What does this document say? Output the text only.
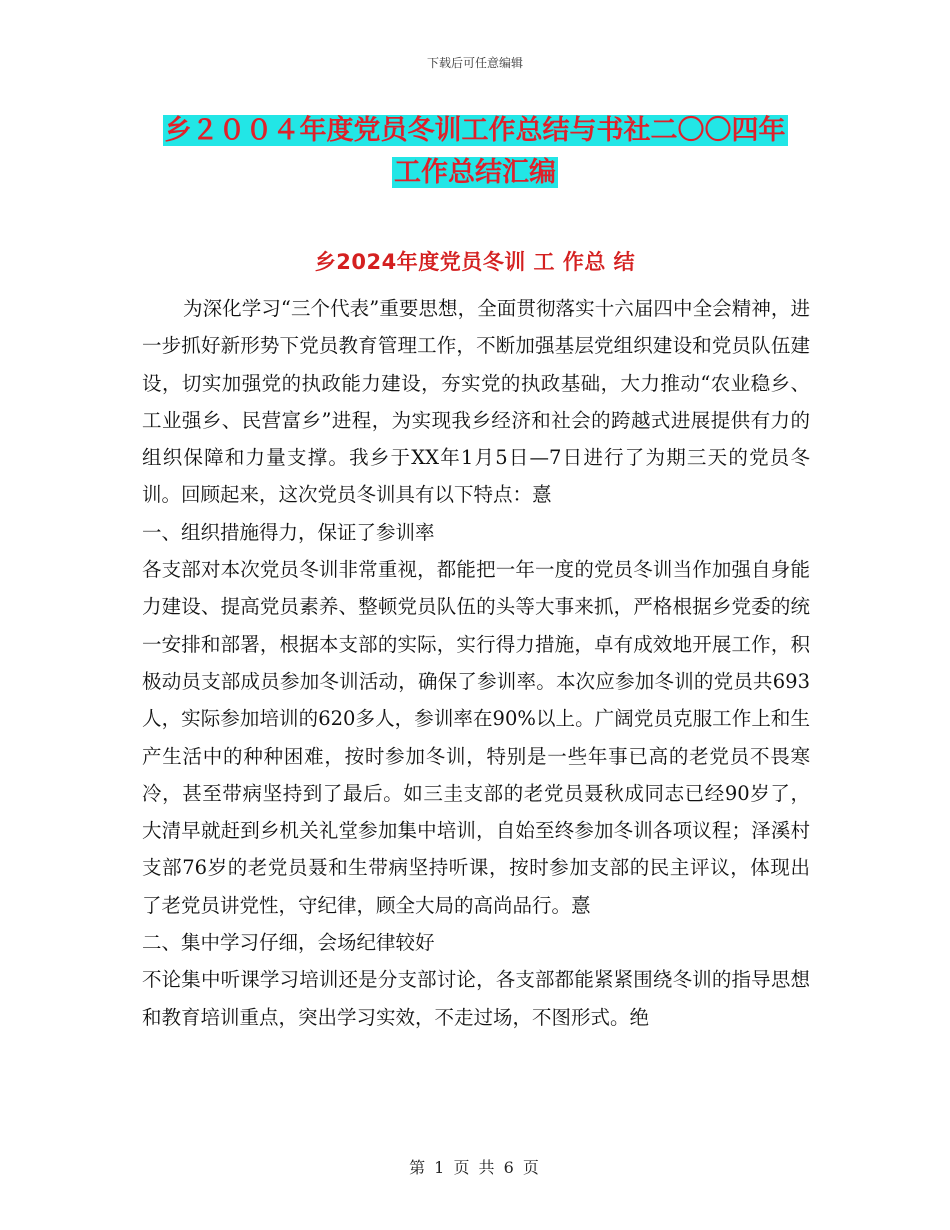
下载后可任意编辑
乡２００４年度党员冬训工作总结与书社二〇〇四年
工作总结汇编
乡2024年度党员冬训 工 作总 结

为深化学习“三个代表”重要思想，全面贯彻落实十六届四中全会精神，进一步抓好新形势下党员教育管理工作，不断加强基层党组织建设和党员队伍建设，切实加强党的执政能力建设，夯实党的执政基础，大力推动“农业稳乡、工业强乡、民营富乡”进程，为实现我乡经济和社会的跨越式进展提供有力的组织保障和力量支撑。我乡于XX年1月5日—7日进行了为期三天的党员冬训。回顾起来，这次党员冬训具有以下特点：憙

一、组织措施得力，保证了参训率

各支部对本次党员冬训非常重视，都能把一年一度的党员冬训当作加强自身能力建设、提高党员素养、整顿党员队伍的头等大事来抓，严格根据乡党委的统一安排和部署，根据本支部的实际，实行得力措施，卓有成效地开展工作，积极动员支部成员参加冬训活动，确保了参训率。本次应参加冬训的党员共693人，实际参加培训的620多人，参训率在90%以上。广阔党员克服工作上和生产生活中的种种困难，按时参加冬训，特别是一些年事已高的老党员不畏寒冷，甚至带病坚持到了最后。如三圭支部的老党员聂秋成同志已经90岁了，大清早就赶到乡机关礼堂参加集中培训，自始至终参加冬训各项议程；泽溪村支部76岁的老党员聂和生带病坚持听课，按时参加支部的民主评议，体现出了老党员讲党性，守纪律，顾全大局的高尚品行。憙

二、集中学习仔细，会场纪律较好

不论集中听课学习培训还是分支部讨论，各支部都能紧紧围绕冬训的指导思想和教育培训重点，突出学习实效，不走过场，不图形式。绝

第 1 页 共 6 页
